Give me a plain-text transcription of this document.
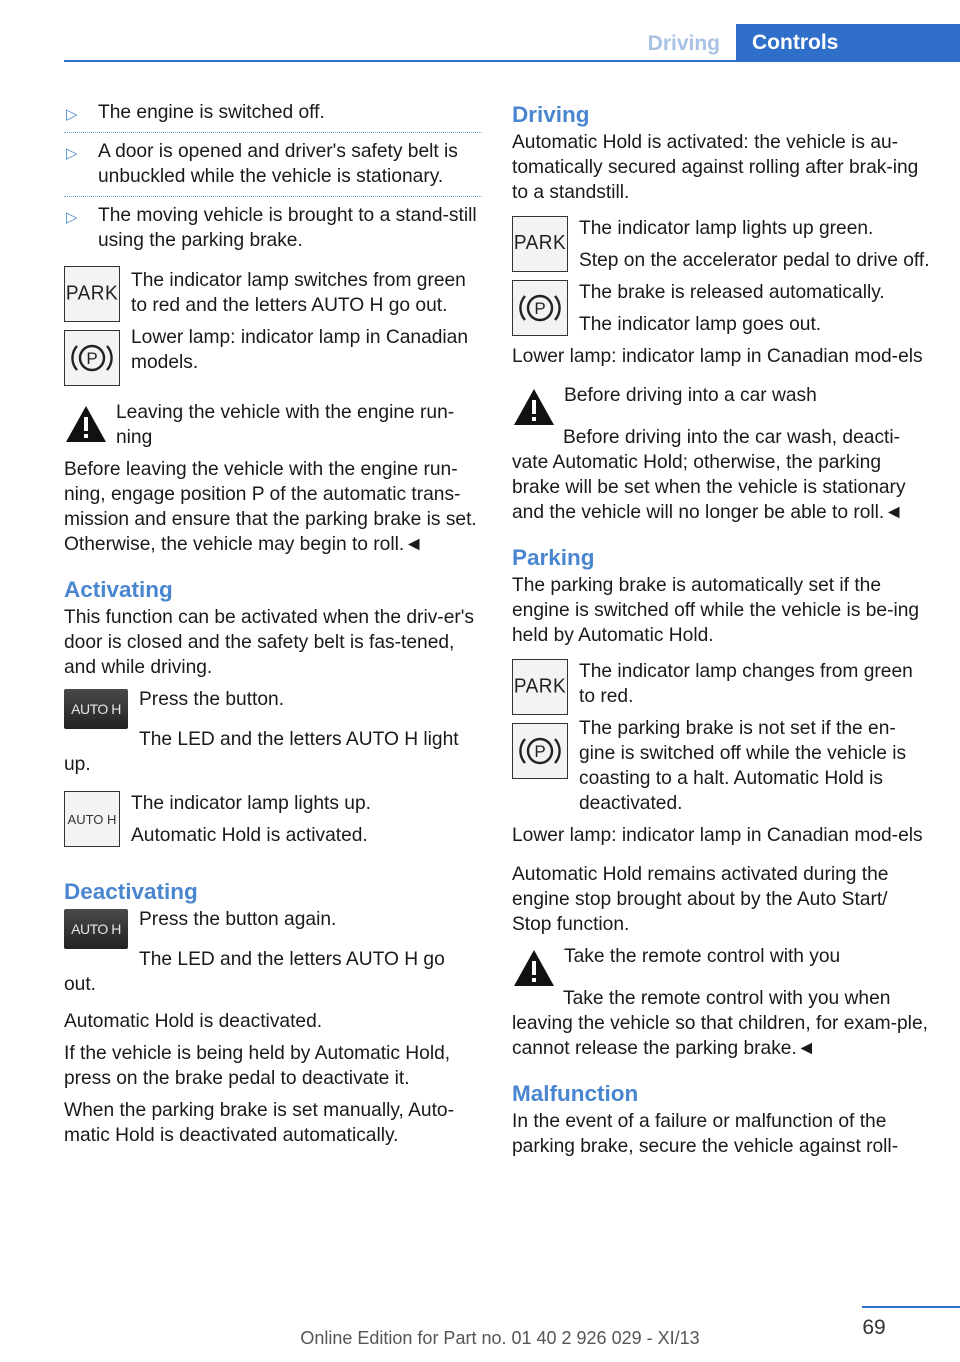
Driving	Controls
▷ The engine is switched off.
▷ A door is opened and driver's safety belt is unbuckled while the vehicle is stationary.
▷ The moving vehicle is brought to a stand-still using the parking brake.
PARK
P

The indicator lamp switches from green to red and the letters AUTO H go out.

Lower lamp: indicator lamp in Canadian models.

Leaving the vehicle with the engine run-ning

Before leaving the vehicle with the engine run-ning, engage position P of the automatic trans-mission and ensure that the parking brake is set. Otherwise, the vehicle may begin to roll.◄

Activating

This function can be activated when the driv-er's door is closed and the safety belt is fas-tened, and while driving.

AUTO H Press the button.

The LED and the letters AUTO H light up.

AUTO H

The indicator lamp lights up.

Automatic Hold is activated.

Deactivating
AUTO H Press the button again.

The LED and the letters AUTO H go out.

Automatic Hold is deactivated.

If the vehicle is being held by Automatic Hold, press on the brake pedal to deactivate it.

When the parking brake is set manually, Auto-matic Hold is deactivated automatically.

Driving

Automatic Hold is activated: the vehicle is au-tomatically secured against rolling after brak-ing to a standstill.

PARK
P

The indicator lamp lights up green.

Step on the accelerator pedal to drive off.

The brake is released automatically.

The indicator lamp goes out.

Lower lamp: indicator lamp in Canadian mod-els

Before driving into a car wash

Before driving into the car wash, deacti-vate Automatic Hold; otherwise, the parking brake will be set when the vehicle is stationary and the vehicle will no longer be able to roll.◄

Parking

The parking brake is automatically set if the engine is switched off while the vehicle is be-ing held by Automatic Hold.

PARK
P

The indicator lamp changes from green to red.

The parking brake is not set if the en-gine is switched off while the vehicle is coasting to a halt. Automatic Hold is deactivated.

Lower lamp: indicator lamp in Canadian mod-els

Automatic Hold remains activated during the engine stop brought about by the Auto Start/ Stop function.

Take the remote control with you

Take the remote control with you when leaving the vehicle so that children, for exam-ple, cannot release the parking brake.◄

Malfunction

In the event of a failure or malfunction of the parking brake, secure the vehicle against roll-

69
Online Edition for Part no. 01 40 2 926 029 - XI/13
